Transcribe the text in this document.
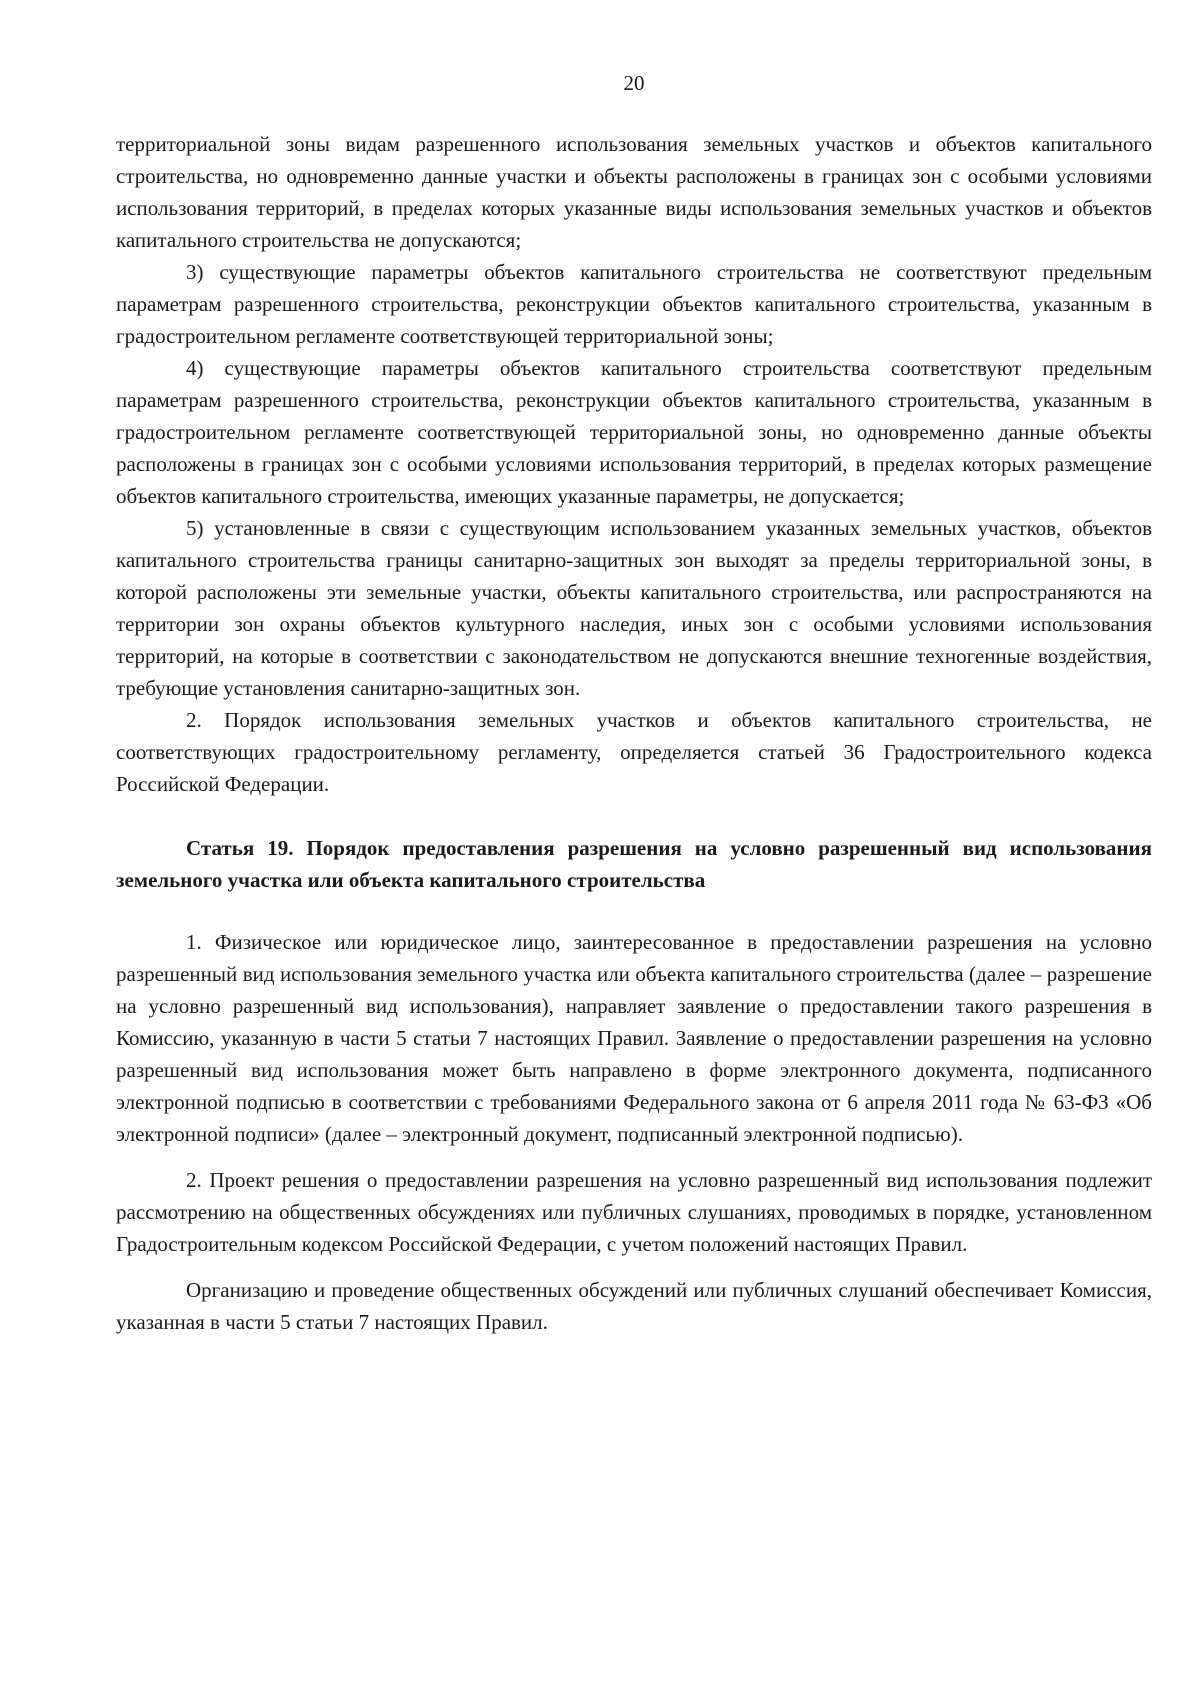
20

территориальной зоны видам разрешенного использования земельных участков и объектов капитального строительства, но одновременно данные участки и объекты расположены в границах зон с особыми условиями использования территорий, в пределах которых указанные виды использования земельных участков и объектов капитального строительства не допускаются;

3) существующие параметры объектов капитального строительства не соответствуют предельным параметрам разрешенного строительства, реконструкции объектов капитального строительства, указанным в градостроительном регламенте соответствующей территориальной зоны;

4) существующие параметры объектов капитального строительства соответствуют предельным параметрам разрешенного строительства, реконструкции объектов капитального строительства, указанным в градостроительном регламенте соответствующей территориальной зоны, но одновременно данные объекты расположены в границах зон с особыми условиями использования территорий, в пределах которых размещение объектов капитального строительства, имеющих указанные параметры, не допускается;

5) установленные в связи с существующим использованием указанных земельных участков, объектов капитального строительства границы санитарно-защитных зон выходят за пределы территориальной зоны, в которой расположены эти земельные участки, объекты капитального строительства, или распространяются на территории зон охраны объектов культурного наследия, иных зон с особыми условиями использования территорий, на которые в соответствии с законодательством не допускаются внешние техногенные воздействия, требующие установления санитарно-защитных зон.

2. Порядок использования земельных участков и объектов капитального строительства, не соответствующих градостроительному регламенту, определяется статьей 36 Градостроительного кодекса Российской Федерации.

Статья 19. Порядок предоставления разрешения на условно разрешенный вид использования земельного участка или объекта капитального строительства

1. Физическое или юридическое лицо, заинтересованное в предоставлении разрешения на условно разрешенный вид использования земельного участка или объекта капитального строительства (далее – разрешение на условно разрешенный вид использования), направляет заявление о предоставлении такого разрешения в Комиссию, указанную в части 5 статьи 7 настоящих Правил. Заявление о предоставлении разрешения на условно разрешенный вид использования может быть направлено в форме электронного документа, подписанного электронной подписью в соответствии с требованиями Федерального закона от 6 апреля 2011 года № 63-ФЗ «Об электронной подписи» (далее – электронный документ, подписанный электронной подписью).

2. Проект решения о предоставлении разрешения на условно разрешенный вид использования подлежит рассмотрению на общественных обсуждениях или публичных слушаниях, проводимых в порядке, установленном Градостроительным кодексом Российской Федерации, с учетом положений настоящих Правил.

Организацию и проведение общественных обсуждений или публичных слушаний обеспечивает Комиссия, указанная в части 5 статьи 7 настоящих Правил.
